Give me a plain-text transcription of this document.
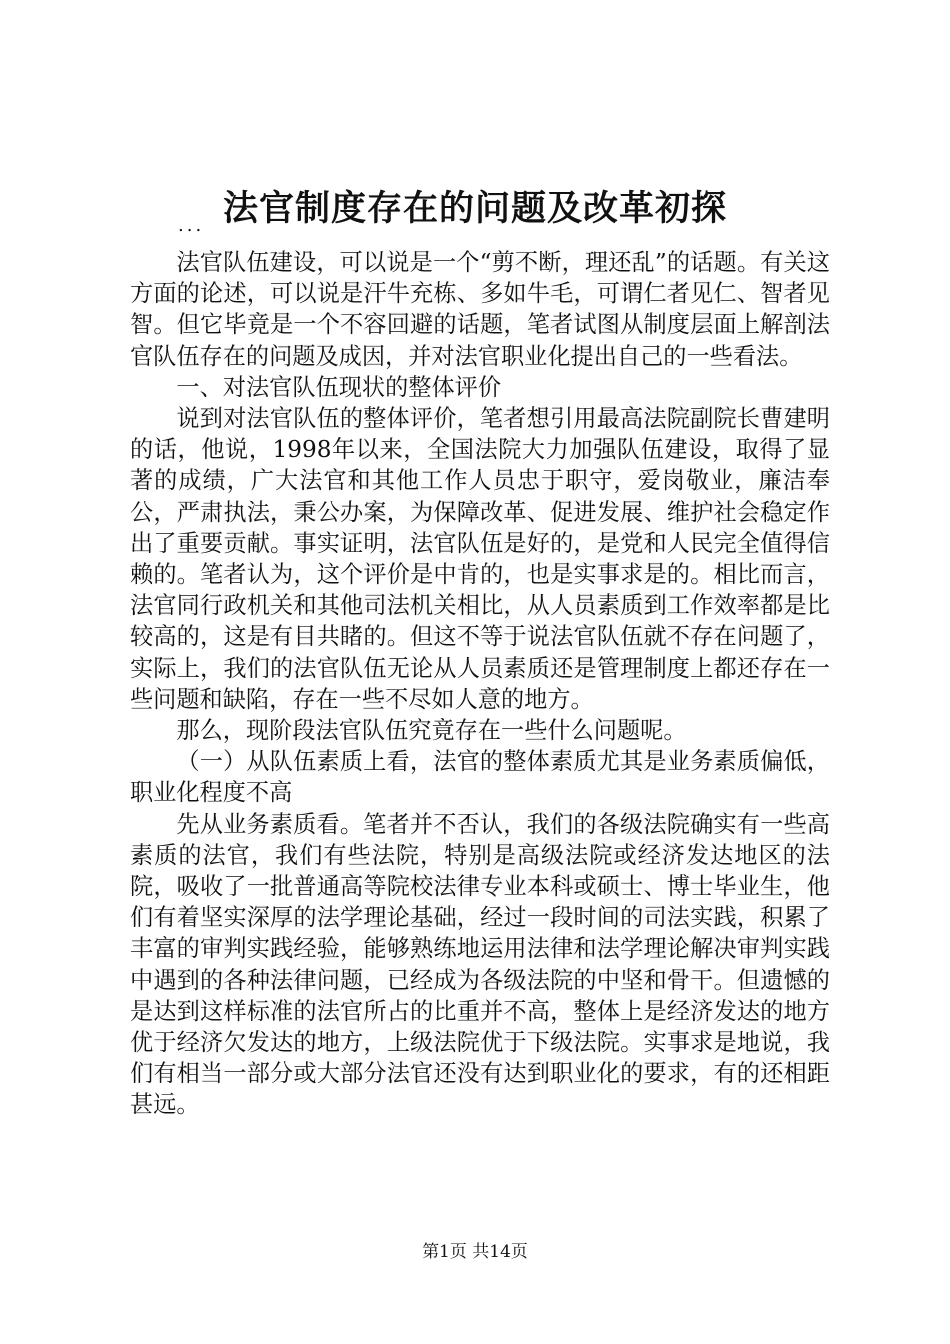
法官制度存在的问题及改革初探
...

法官队伍建设，可以说是一个“剪不断，理还乱”的话题。有关这方面的论述，可以说是汗牛充栋、多如牛毛，可谓仁者见仁、智者见智。但它毕竟是一个不容回避的话题，笔者试图从制度层面上解剖法官队伍存在的问题及成因，并对法官职业化提出自己的一些看法。

一、对法官队伍现状的整体评价

说到对法官队伍的整体评价，笔者想引用最高法院副院长曹建明的话，他说，1998年以来，全国法院大力加强队伍建设，取得了显著的成绩，广大法官和其他工作人员忠于职守，爱岗敬业，廉洁奉公，严肃执法，秉公办案，为保障改革、促进发展、维护社会稳定作出了重要贡献。事实证明，法官队伍是好的，是党和人民完全值得信赖的。笔者认为，这个评价是中肯的，也是实事求是的。相比而言，法官同行政机关和其他司法机关相比，从人员素质到工作效率都是比较高的，这是有目共睹的。但这不等于说法官队伍就不存在问题了，实际上，我们的法官队伍无论从人员素质还是管理制度上都还存在一些问题和缺陷，存在一些不尽如人意的地方。

那么，现阶段法官队伍究竟存在一些什么问题呢。

（一）从队伍素质上看，法官的整体素质尤其是业务素质偏低，职业化程度不高

先从业务素质看。笔者并不否认，我们的各级法院确实有一些高素质的法官，我们有些法院，特别是高级法院或经济发达地区的法院，吸收了一批普通高等院校法律专业本科或硕士、博士毕业生，他们有着坚实深厚的法学理论基础，经过一段时间的司法实践，积累了丰富的审判实践经验，能够熟练地运用法律和法学理论解决审判实践中遇到的各种法律问题，已经成为各级法院的中坚和骨干。但遗憾的是达到这样标准的法官所占的比重并不高，整体上是经济发达的地方优于经济欠发达的地方，上级法院优于下级法院。实事求是地说，我们有相当一部分或大部分法官还没有达到职业化的要求，有的还相距甚远。

第1页 共14页
